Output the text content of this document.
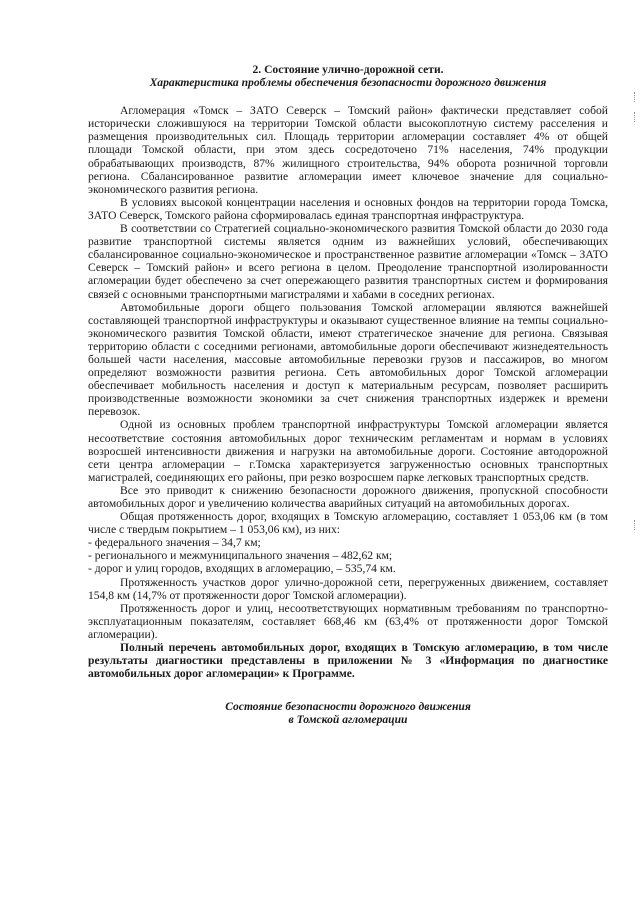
2. Состояние улично-дорожной сети.

Характеристика проблемы обеспечения безопасности дорожного движения

Агломерация «Томск – ЗАТО Северск – Томский район» фактически представляет собой исторически сложившуюся на территории Томской области высокоплотную систему расселения и размещения производительных сил. Площадь территории агломерации составляет 4% от общей площади Томской области, при этом здесь сосредоточено 71% населения, 74% продукции обрабатывающих производств, 87% жилищного строительства, 94% оборота розничной торговли региона. Сбалансированное развитие агломерации имеет ключевое значение для социально-экономического развития региона.

В условиях высокой концентрации населения и основных фондов на территории города Томска, ЗАТО Северск, Томского района сформировалась единая транспортная инфраструктура.

В соответствии со Стратегией социально-экономического развития Томской области до 2030 года развитие транспортной системы является одним из важнейших условий, обеспечивающих сбалансированное социально-экономическое и пространственное развитие агломерации «Томск – ЗАТО Северск – Томский район» и всего региона в целом. Преодоление транспортной изолированности агломерации будет обеспечено за счет опережающего развития транспортных систем и формирования связей с основными транспортными магистралями и хабами в соседних регионах.

Автомобильные дороги общего пользования Томской агломерации являются важнейшей составляющей транспортной инфраструктуры и оказывают существенное влияние на темпы социально-экономического развития Томской области, имеют стратегическое значение для региона. Связывая территорию области с соседними регионами, автомобильные дороги обеспечивают жизнедеятельность большей части населения, массовые автомобильные перевозки грузов и пассажиров, во многом определяют возможности развития региона. Сеть автомобильных дорог Томской агломерации обеспечивает мобильность населения и доступ к материальным ресурсам, позволяет расширить производственные возможности экономики за счет снижения транспортных издержек и времени перевозок.

Одной из основных проблем транспортной инфраструктуры Томской агломерации является несоответствие состояния автомобильных дорог техническим регламентам и нормам в условиях возросшей интенсивности движения и нагрузки на автомобильные дороги. Состояние автодорожной сети центра агломерации – г.Томска характеризуется загруженностью основных транспортных магистралей, соединяющих его районы, при резко возросшем парке легковых транспортных средств.

Все это приводит к снижению безопасности дорожного движения, пропускной способности автомобильных дорог и увеличению количества аварийных ситуаций на автомобильных дорогах.

Общая протяженность дорог, входящих в Томскую агломерацию, составляет 1 053,06 км (в том числе с твердым покрытием – 1 053,06 км), из них:

- федерального значения – 34,7 км;

- регионального и межмуниципального значения – 482,62 км;

- дорог и улиц городов, входящих в агломерацию, – 535,74 км.

Протяженность участков дорог улично-дорожной сети, перегруженных движением, составляет 154,8 км (14,7% от протяженности дорог Томской агломерации).

Протяженность дорог и улиц, несоответствующих нормативным требованиям по транспортно-эксплуатационным показателям, составляет 668,46 км (63,4% от протяженности дорог Томской агломерации).

Полный перечень автомобильных дорог, входящих в Томскую агломерацию, в том числе результаты диагностики представлены в приложении № 3 «Информация по диагностике автомобильных дорог агломерации» к Программе.

Состояние безопасности дорожного движения

в Томской агломерации
